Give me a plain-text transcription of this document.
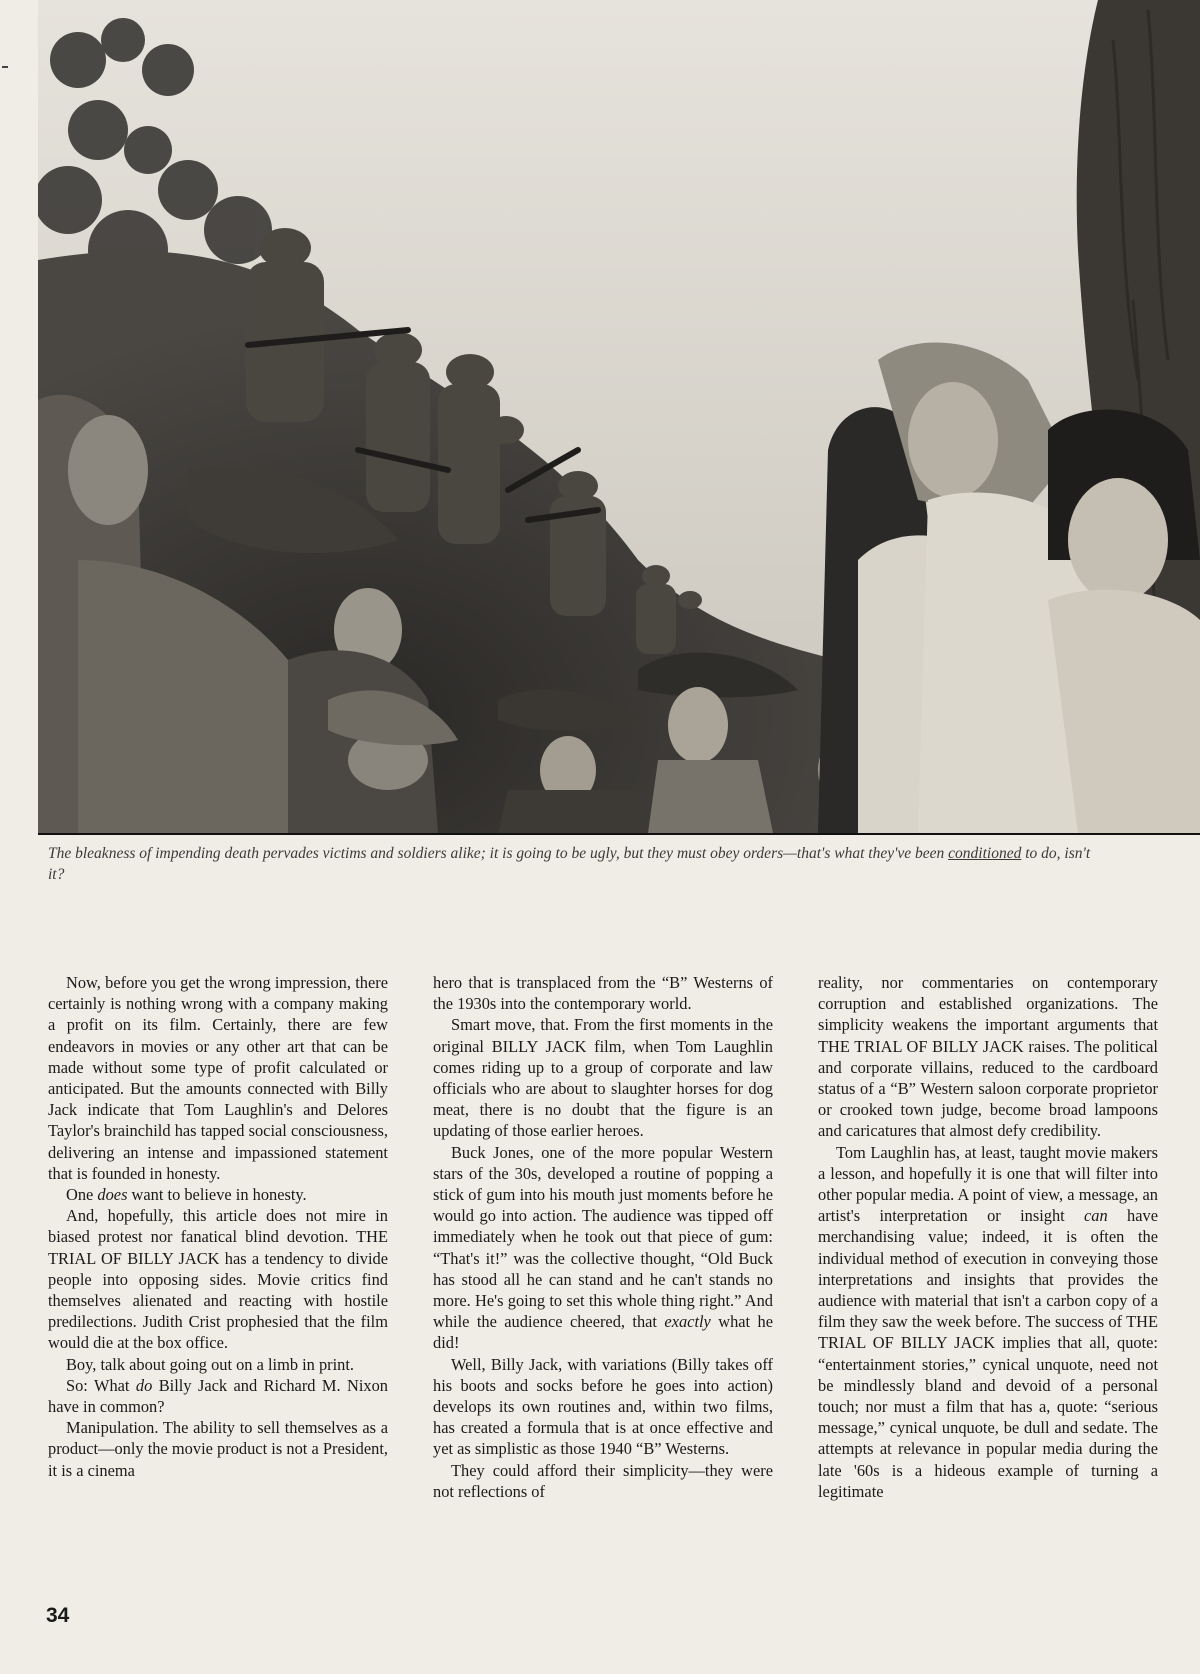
The bleakness of impending death pervades victims and soldiers alike; it is going to be ugly, but they must obey orders—that's what they've been conditioned to do, isn't it?

Now, before you get the wrong impression, there certainly is nothing wrong with a company making a profit on its film. Certainly, there are few endeavors in movies or any other art that can be made without some type of profit calculated or anticipated. But the amounts connected with Billy Jack indicate that Tom Laughlin's and Delores Taylor's brainchild has tapped social consciousness, delivering an intense and impassioned statement that is founded in honesty.

One does want to believe in honesty.

And, hopefully, this article does not mire in biased protest nor fanatical blind devotion. THE TRIAL OF BILLY JACK has a tendency to divide people into opposing sides. Movie critics find themselves alienated and reacting with hostile predilections. Judith Crist prophesied that the film would die at the box office.

Boy, talk about going out on a limb in print.

So: What do Billy Jack and Richard M. Nixon have in common?

Manipulation. The ability to sell themselves as a product—only the movie product is not a President, it is a cinema

hero that is transplaced from the “B” Westerns of the 1930s into the contemporary world.

Smart move, that. From the first moments in the original BILLY JACK film, when Tom Laughlin comes riding up to a group of corporate and law officials who are about to slaughter horses for dog meat, there is no doubt that the figure is an updating of those earlier heroes.

Buck Jones, one of the more popular Western stars of the 30s, developed a routine of popping a stick of gum into his mouth just moments before he would go into action. The audience was tipped off immediately when he took out that piece of gum: “That's it!” was the collective thought, “Old Buck has stood all he can stand and he can't stands no more. He's going to set this whole thing right.” And while the audience cheered, that exactly what he did!

Well, Billy Jack, with variations (Billy takes off his boots and socks before he goes into action) develops its own routines and, within two films, has created a formula that is at once effective and yet as simplistic as those 1940 “B” Westerns.

They could afford their simplicity—they were not reflections of

reality, nor commentaries on contemporary corruption and established organizations. The simplicity weakens the important arguments that THE TRIAL OF BILLY JACK raises. The political and corporate villains, reduced to the cardboard status of a “B” Western saloon corporate proprietor or crooked town judge, become broad lampoons and caricatures that almost defy credibility.

Tom Laughlin has, at least, taught movie makers a lesson, and hopefully it is one that will filter into other popular media. A point of view, a message, an artist's interpretation or insight can have merchandising value; indeed, it is often the individual method of execution in conveying those interpretations and insights that provides the audience with material that isn't a carbon copy of a film they saw the week before. The success of THE TRIAL OF BILLY JACK implies that all, quote: “entertainment stories,” cynical unquote, need not be mindlessly bland and devoid of a personal touch; nor must a film that has a, quote: “serious message,” cynical unquote, be dull and sedate. The attempts at relevance in popular media during the late '60s is a hideous example of turning a legitimate

34
